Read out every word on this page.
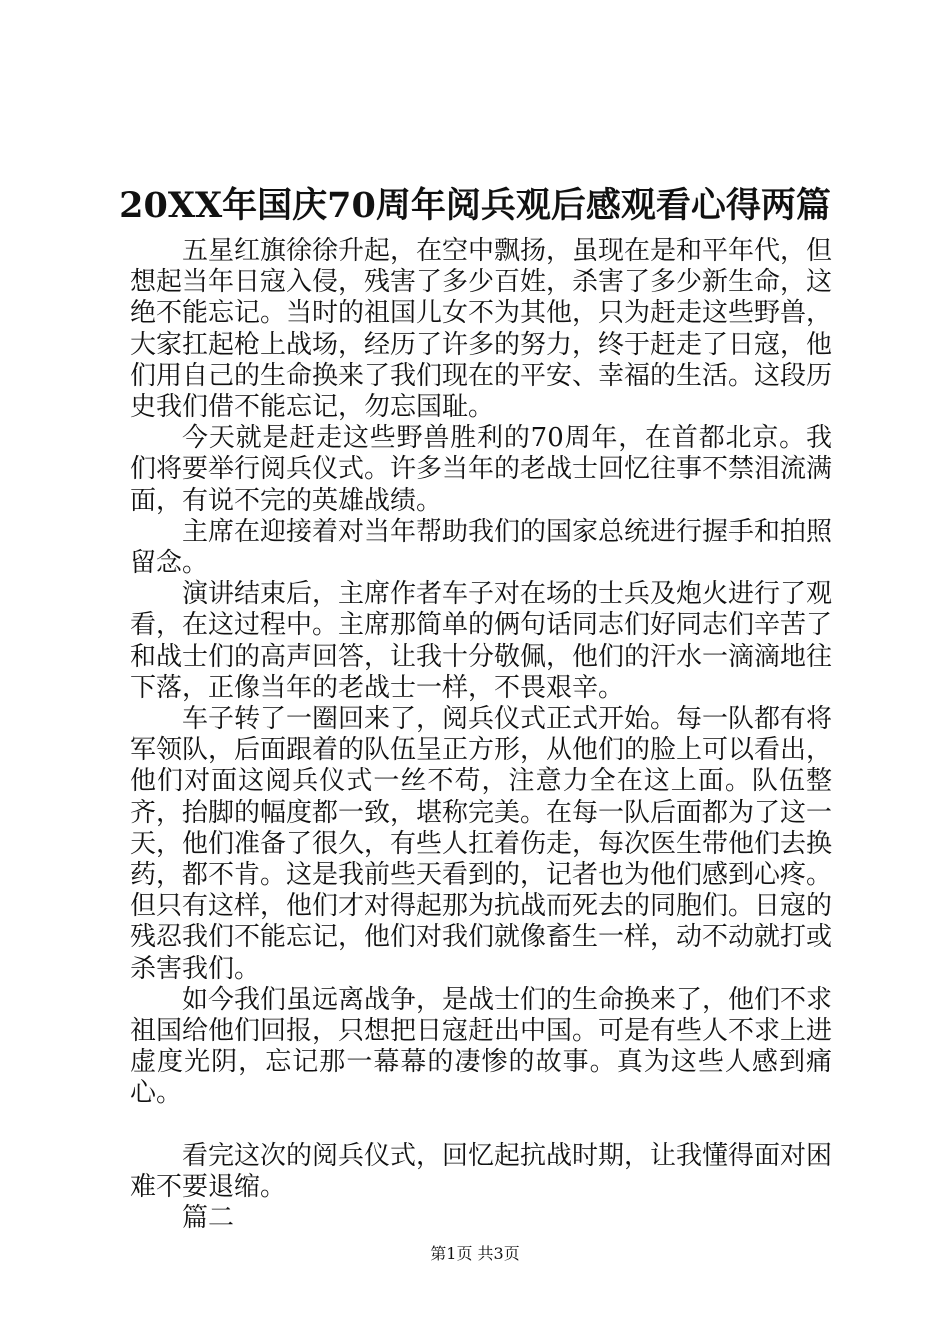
20XX年国庆70周年阅兵观后感观看心得两篇

五星红旗徐徐升起，在空中飘扬，虽现在是和平年代，但想起当年日寇入侵，残害了多少百姓，杀害了多少新生命，这绝不能忘记。当时的祖国儿女不为其他，只为赶走这些野兽，大家扛起枪上战场，经历了许多的努力，终于赶走了日寇，他们用自己的生命换来了我们现在的平安、幸福的生活。这段历史我们借不能忘记，勿忘国耻。

今天就是赶走这些野兽胜利的70周年，在首都北京。我们将要举行阅兵仪式。许多当年的老战士回忆往事不禁泪流满面，有说不完的英雄战绩。

主席在迎接着对当年帮助我们的国家总统进行握手和拍照留念。

演讲结束后，主席作者车子对在场的士兵及炮火进行了观看，在这过程中。主席那简单的俩句话同志们好同志们辛苦了和战士们的高声回答，让我十分敬佩，他们的汗水一滴滴地往下落，正像当年的老战士一样，不畏艰辛。

车子转了一圈回来了，阅兵仪式正式开始。每一队都有将军领队，后面跟着的队伍呈正方形，从他们的脸上可以看出，他们对面这阅兵仪式一丝不苟，注意力全在这上面。队伍整齐，抬脚的幅度都一致，堪称完美。在每一队后面都为了这一天，他们准备了很久，有些人扛着伤走，每次医生带他们去换药，都不肯。这是我前些天看到的，记者也为他们感到心疼。但只有这样，他们才对得起那为抗战而死去的同胞们。日寇的残忍我们不能忘记，他们对我们就像畜生一样，动不动就打或杀害我们。

如今我们虽远离战争，是战士们的生命换来了，他们不求祖国给他们回报，只想把日寇赶出中国。可是有些人不求上进虚度光阴，忘记那一幕幕的凄惨的故事。真为这些人感到痛心。

看完这次的阅兵仪式，回忆起抗战时期，让我懂得面对困难不要退缩。

篇二

第1页 共3页
